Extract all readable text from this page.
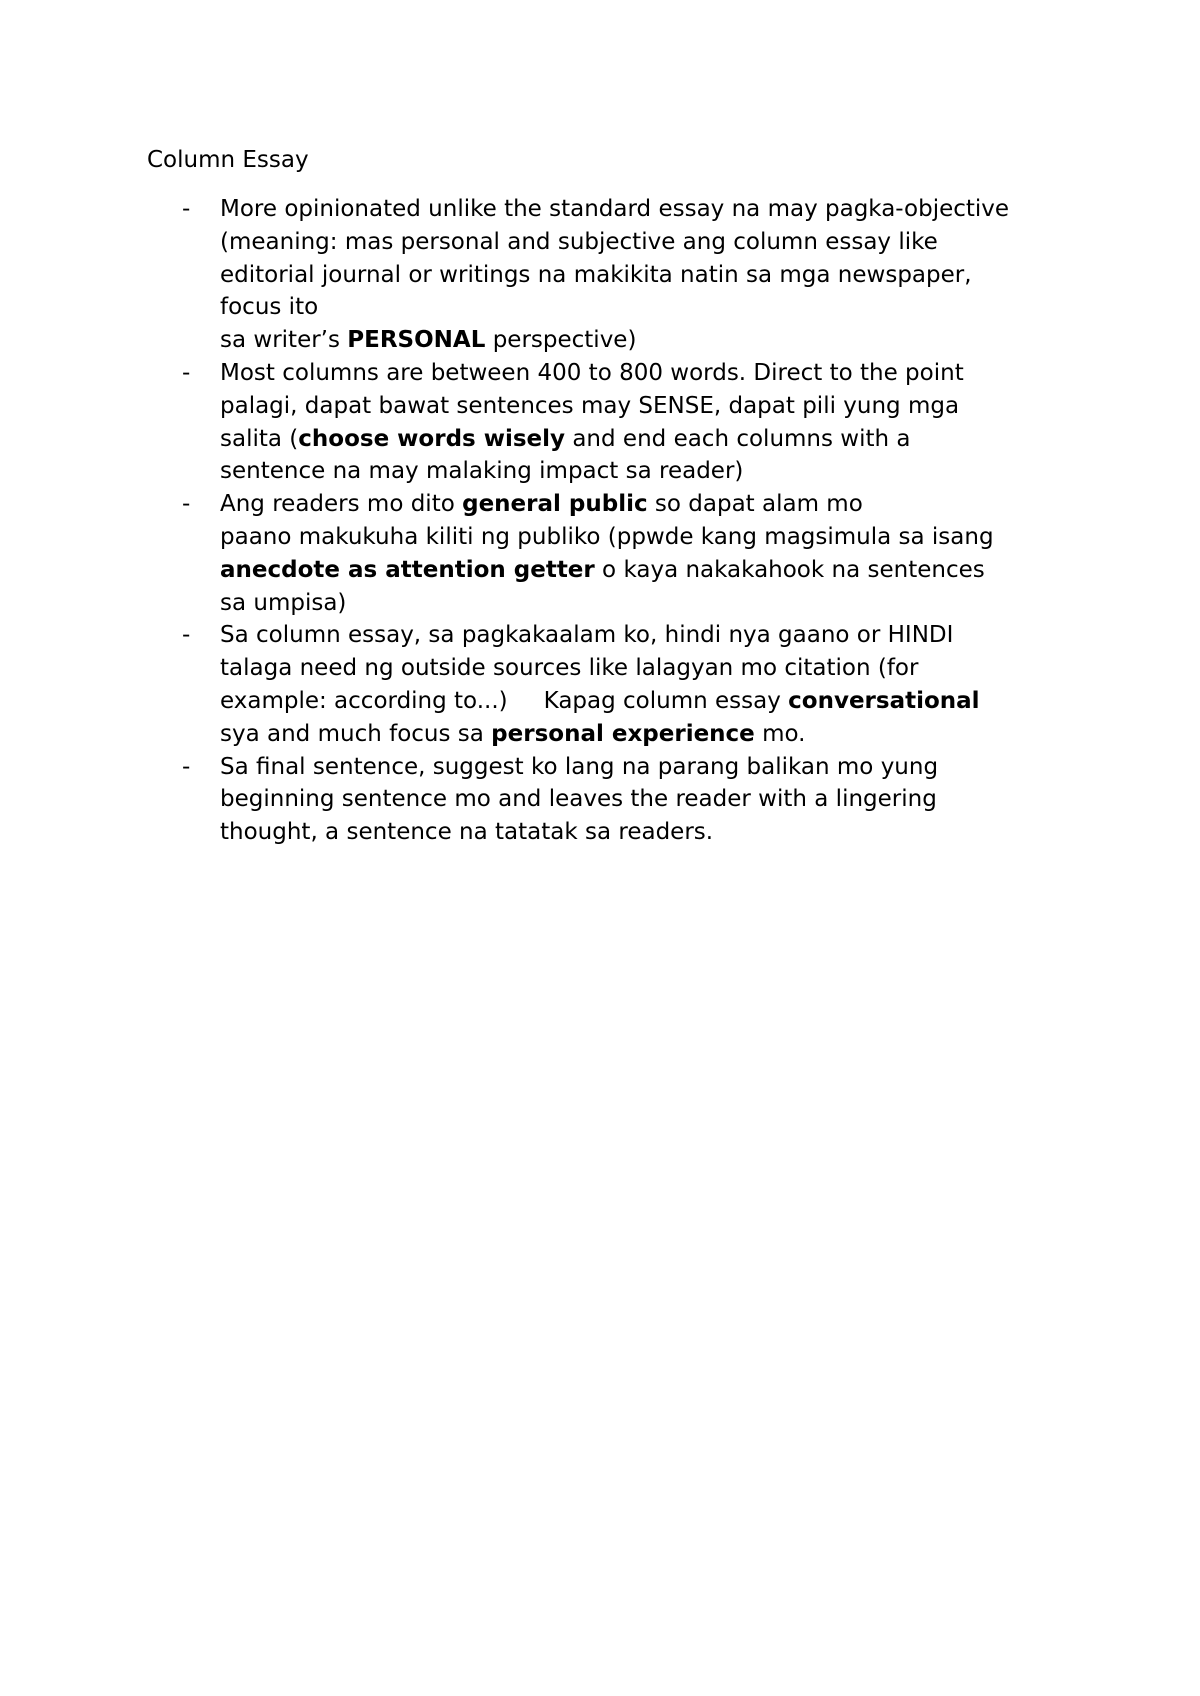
Column Essay
- More opinionated unlike the standard essay na may pagka-objective
(meaning: mas personal and subjective ang column essay like
editorial journal or writings na makikita natin sa mga newspaper,
focus ito
sa writer’s PERSONAL perspective)
- Most columns are between 400 to 800 words. Direct to the point
palagi, dapat bawat sentences may SENSE, dapat pili yung mga
salita (choose words wisely and end each columns with a
sentence na may malaking impact sa reader)
- Ang readers mo dito general public so dapat alam mo
paano makukuha kiliti ng publiko (ppwde kang magsimula sa isang
anecdote as attention getter o kaya nakakahook na sentences
sa umpisa)
- Sa column essay, sa pagkakaalam ko, hindi nya gaano or HINDI
talaga need ng outside sources like lalagyan mo citation (for
example: according to...) Kapag column essay conversational
sya and much focus sa personal experience mo.
- Sa final sentence, suggest ko lang na parang balikan mo yung
beginning sentence mo and leaves the reader with a lingering
thought, a sentence na tatatak sa readers.
